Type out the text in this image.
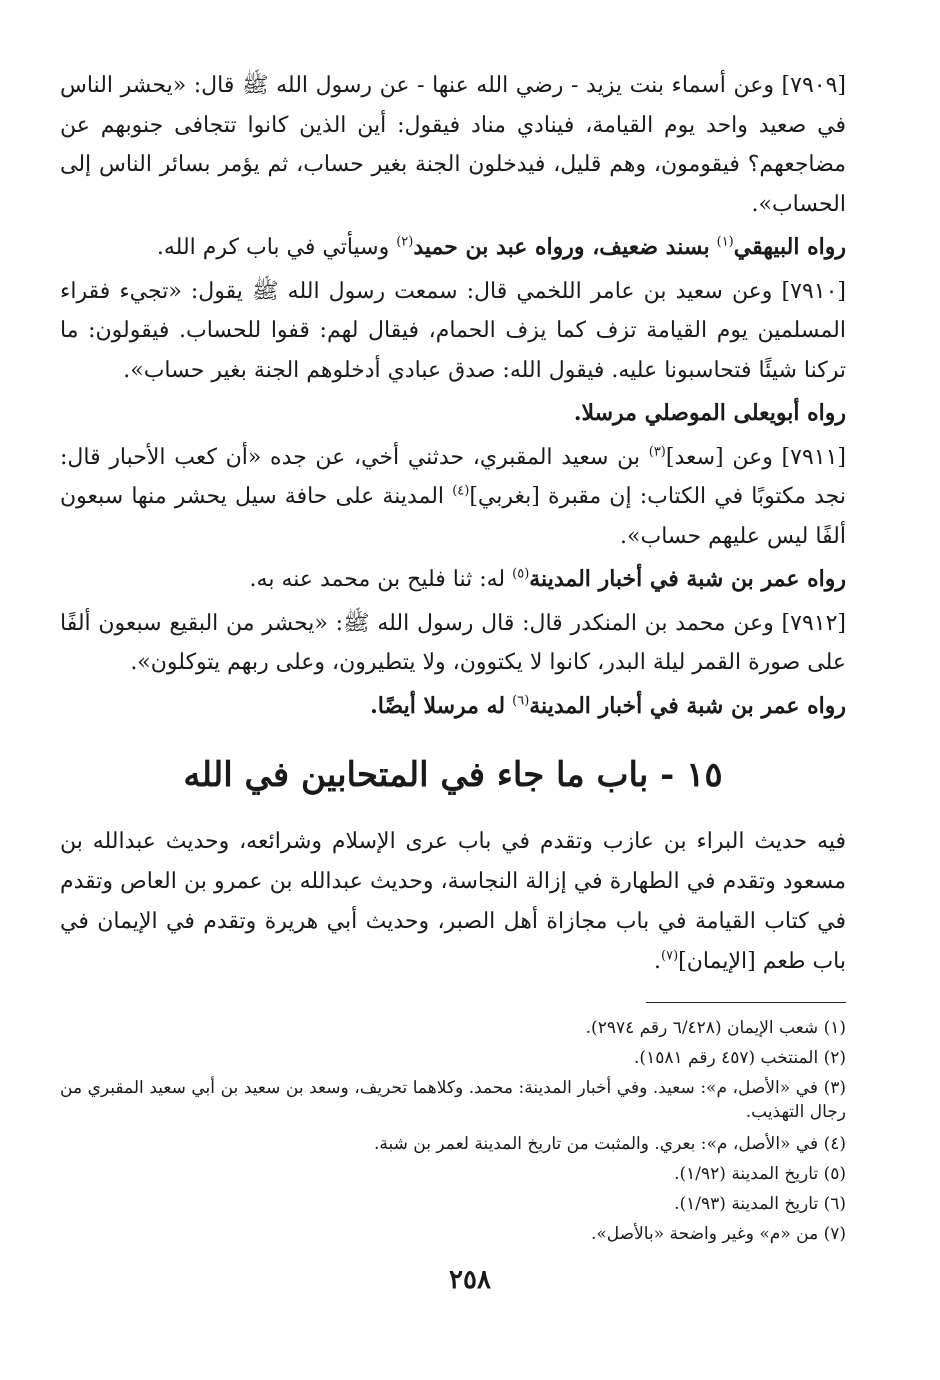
[٧٩٠٩] وعن أسماء بنت يزيد - رضي الله عنها - عن رسول الله ﷺ قال: «يحشر الناس في صعيد واحد يوم القيامة، فينادي مناد فيقول: أين الذين كانوا تتجافى جنوبهم عن مضاجعهم؟ فيقومون، وهم قليل، فيدخلون الجنة بغير حساب، ثم يؤمر بسائر الناس إلى الحساب».

رواه البيهقي$^{(١)}$ بسند ضعيف، ورواه عبد بن حميد$^{(٢)}$ وسيأتي في باب كرم الله.

[٧٩١٠] وعن سعيد بن عامر اللخمي قال: سمعت رسول الله ﷺ يقول: «تجيء فقراء المسلمين يوم القيامة تزف كما يزف الحمام، فيقال لهم: قفوا للحساب. فيقولون: ما تركنا شيئًا فتحاسبونا عليه. فيقول الله: صدق عبادي أدخلوهم الجنة بغير حساب».

رواه أبويعلى الموصلي مرسلا.

[٧٩١١] وعن [سعد]$^{(٣)}$ بن سعيد المقبري، حدثني أخي، عن جده «أن كعب الأحبار قال: نجد مكتوبًا في الكتاب: إن مقبرة [بغربي]$^{(٤)}$ المدينة على حافة سيل يحشر منها سبعون ألفًا ليس عليهم حساب».

رواه عمر بن شبة في أخبار المدينة$^{(٥)}$ له: ثنا فليح بن محمد عنه به.

[٧٩١٢] وعن محمد بن المنكدر قال: قال رسول الله ﷺ: «يحشر من البقيع سبعون ألفًا على صورة القمر ليلة البدر، كانوا لا يكتوون، ولا يتطيرون، وعلى ربهم يتوكلون».

رواه عمر بن شبة في أخبار المدينة$^{(٦)}$ له مرسلا أيضًا.

١٥ - باب ما جاء في المتحابين في الله

فيه حديث البراء بن عازب وتقدم في باب عرى الإسلام وشرائعه، وحديث عبدالله بن مسعود وتقدم في الطهارة في إزالة النجاسة، وحديث عبدالله بن عمرو بن العاص وتقدم في كتاب القيامة في باب مجازاة أهل الصبر، وحديث أبي هريرة وتقدم في الإيمان في باب طعم [الإيمان]$^{(٧)}$.

(١) شعب الإيمان (٦/٤٢٨ رقم ٢٩٧٤).

(٢) المنتخب (٤٥٧ رقم ١٥٨١).

(٣) في «الأصل، م»: سعيد. وفي أخبار المدينة: محمد. وكلاهما تحريف، وسعد بن سعيد بن أبي سعيد المقبري من رجال التهذيب.

(٤) في «الأصل، م»: بعري. والمثبت من تاريخ المدينة لعمر بن شبة.

(٥) تاريخ المدينة (١/٩٢).

(٦) تاريخ المدينة (١/٩٣).

(٧) من «م» وغير واضحة «بالأصل».

٢٥٨
